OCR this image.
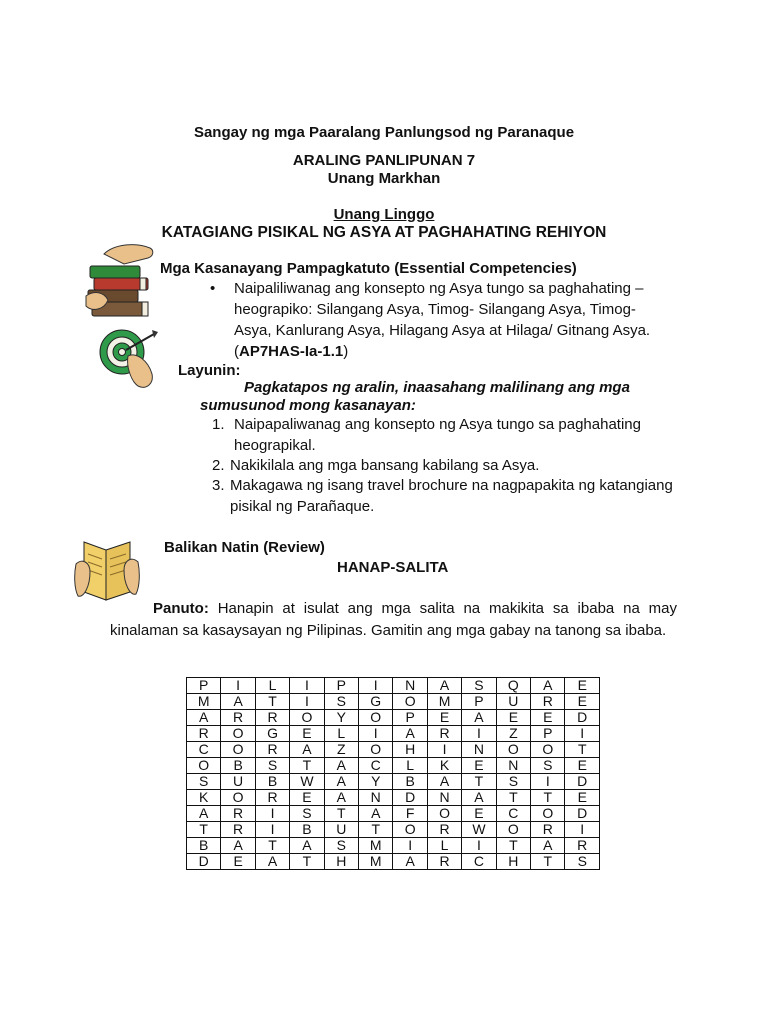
Sangay ng mga Paaralang Panlungsod ng Paranaque
ARALING PANLIPUNAN 7
Unang Markhan
Unang Linggo
KATAGIANG PISIKAL NG ASYA AT PAGHAHATING REHIYON
Mga Kasanayang Pampagkatuto (Essential Competencies)
• Naipaliliwanag ang konsepto ng Asya tungo sa paghahating –
heograpiko: Silangang Asya, Timog- Silangang Asya, Timog-
Asya, Kanlurang Asya, Hilagang Asya at Hilaga/ Gitnang Asya.
(AP7HAS-Ia-1.1)
Layunin:
Pagkatapos ng aralin, inaasahang malilinang ang mga
sumusunod mong kasanayan:
1. Naipapaliwanag ang konsepto ng Asya tungo sa paghahating
heograpikal.
2. Nakikilala ang mga bansang kabilang sa Asya.
3. Makagawa ng isang travel brochure na nagpapakita ng katangiang
pisikal ng Parañaque.
Balikan Natin (Review)
HANAP-SALITA
Panuto: Hanapin at isulat ang mga salita na makikita sa ibaba na may
kinalaman sa kasaysayan ng Pilipinas. Gamitin ang mga gabay na tanong sa ibaba.
P	I	L	I	P	I	N	A	S	Q	A	E
M	A	T	I	S	G	O	M	P	U	R	E
A	R	R	O	Y	O	P	E	A	E	E	D
R	O	G	E	L	I	A	R	I	Z	P	I
C	O	R	A	Z	O	H	I	N	O	O	T
O	B	S	T	A	C	L	K	E	N	S	E
S	U	B	W	A	Y	B	A	T	S	I	D
K	O	R	E	A	N	D	N	A	T	T	E
A	R	I	S	T	A	F	O	E	C	O	D
T	R	I	B	U	T	O	R	W	O	R	I
B	A	T	A	S	M	I	L	I	T	A	R
D	E	A	T	H	M	A	R	C	H	T	S
